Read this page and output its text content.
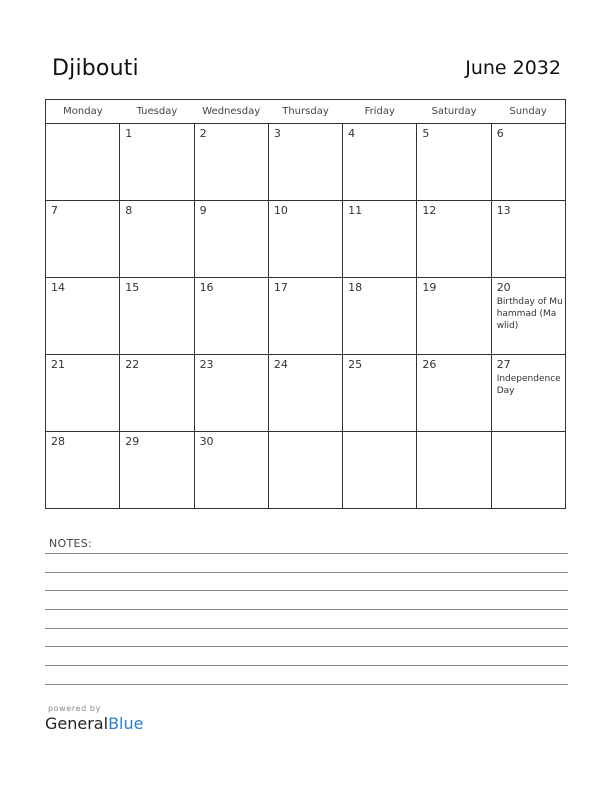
Djibouti	June 2032
Monday	Tuesday	Wednesday	Thursday	Friday	Saturday	Sunday

	1	2	3	4	5	6

7	8	9	10	11	12	13

14	15	16	17	18	19	20
Birthday of Muhammad (Mawlid)

21	22	23	24	25	26	27
Independence Day

28	29	30				

NOTES:
powered by
GeneralBlue
